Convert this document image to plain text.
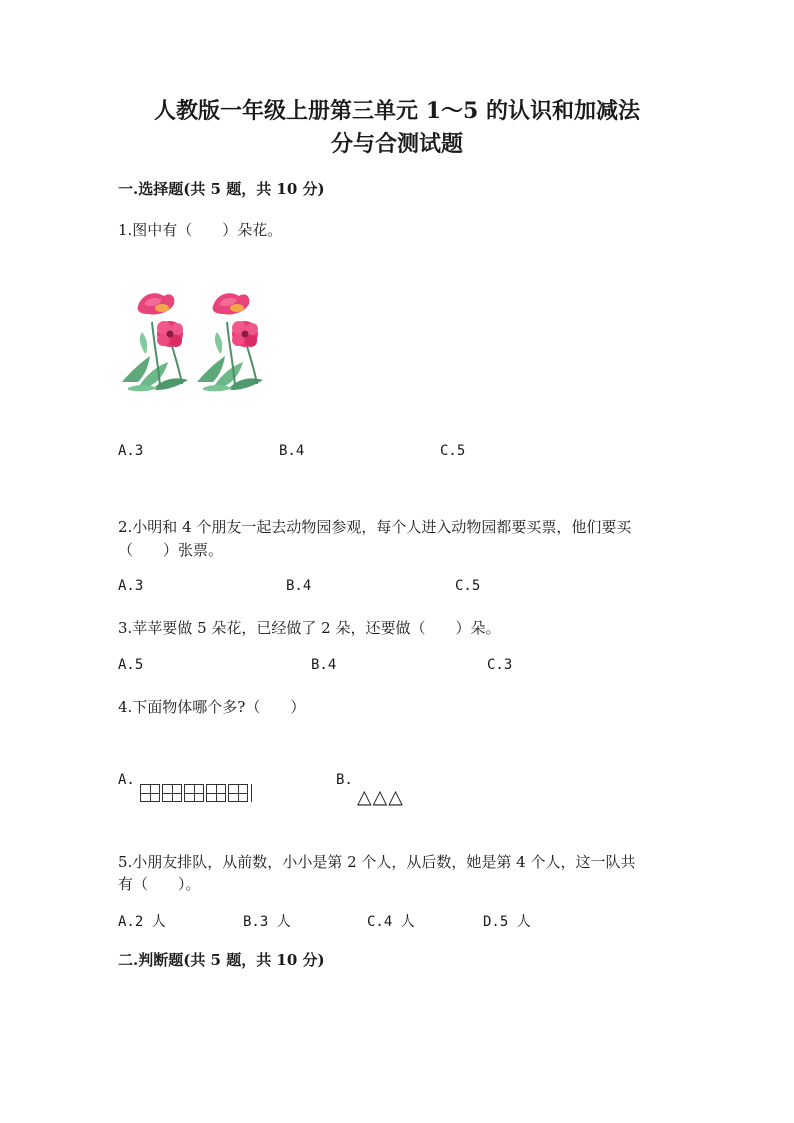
人教版一年级上册第三单元 1～5 的认识和加减法
分与合测试题
一.选择题(共 5 题，共 10 分)
1.图中有（　　）朵花。
A.3	B.4	C.5
2.小明和 4 个朋友一起去动物园参观，每个人进入动物园都要买票，他们要买
（　　）张票。
A.3	B.4	C.5
3.苹苹要做 5 朵花，已经做了 2 朵，还要做（　　）朵。
A.5	B.4	C.3
4.下面物体哪个多?（　　）
A.	B.
△△△
5.小朋友排队，从前数，小小是第 2 个人，从后数，她是第 4 个人，这一队共
有（　　）。
A.2 人	B.3 人	C.4 人	D.5 人
二.判断题(共 5 题，共 10 分)
